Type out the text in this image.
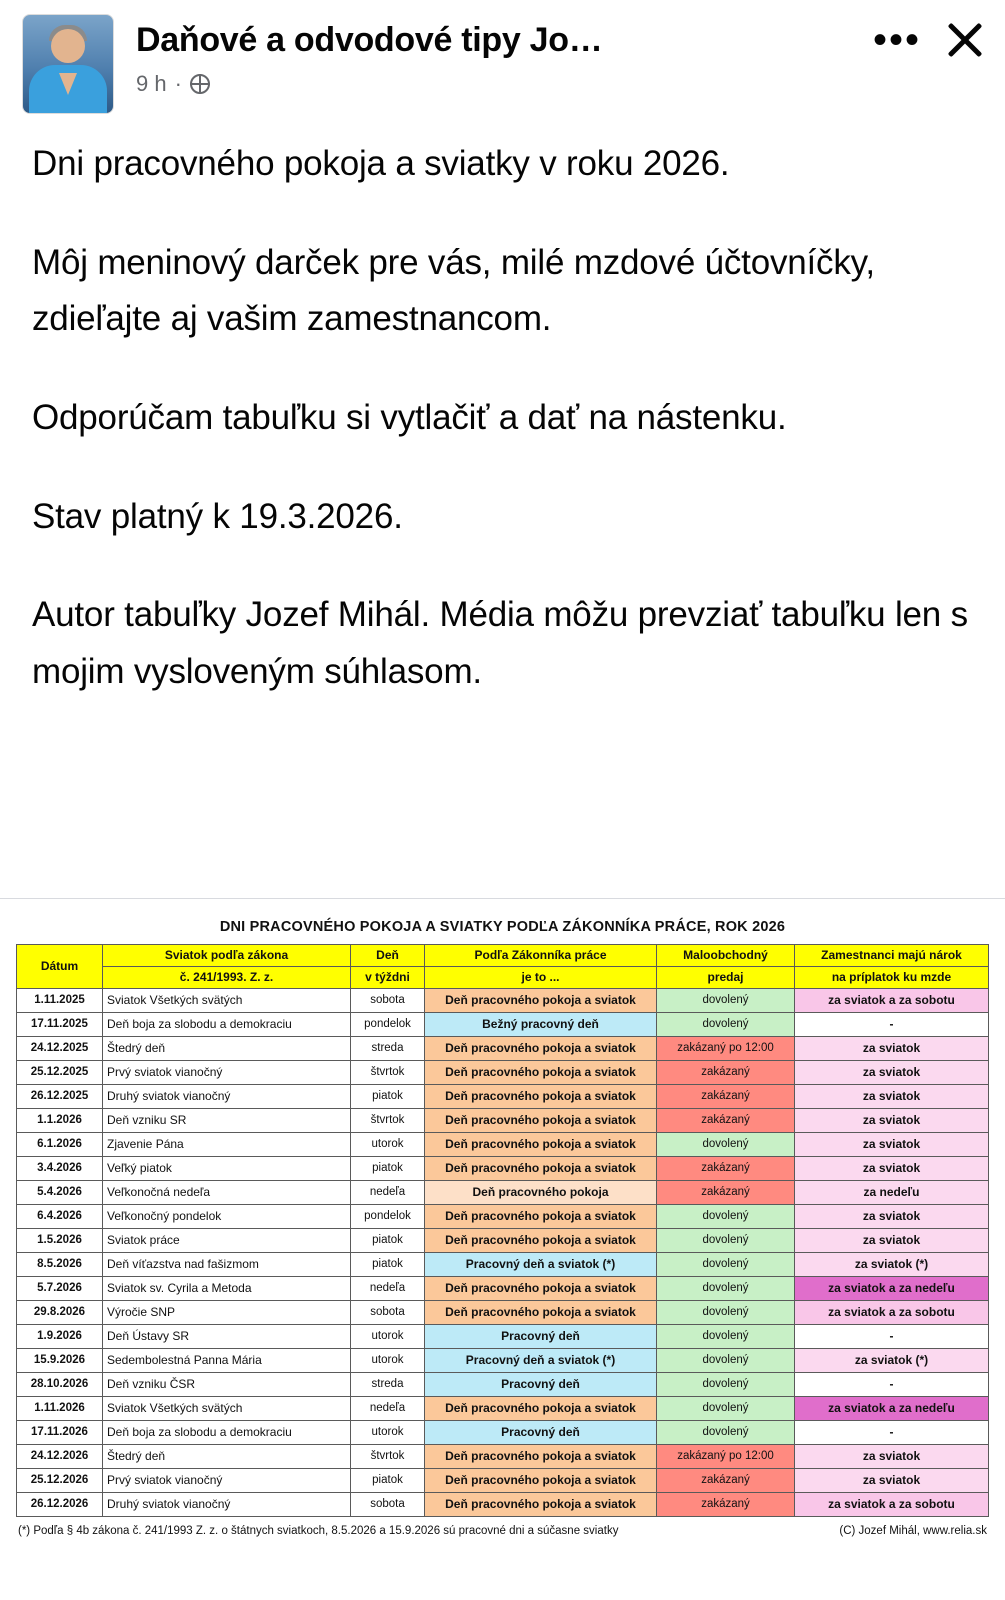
Daňové a odvodové tipy Jo…
9 h ·
•••

Dni pracovného pokoja a sviatky v roku 2026.

Môj meninový darček pre vás, milé mzdové účtovníčky, zdieľajte aj vašim zamestnancom.

Odporúčam tabuľku si vytlačiť a dať na nástenku.

Stav platný k 19.3.2026.

Autor tabuľky Jozef Mihál. Média môžu prevziať tabuľku len s mojim vysloveným súhlasom.

DNI PRACOVNÉHO POKOJA A SVIATKY PODĽA ZÁKONNÍKA PRÁCE, ROK 2026
Dátum	Sviatok podľa zákona	Deň	Podľa Zákonníka práce	Maloobchodný	Zamestnanci majú nárok
	č. 241/1993. Z. z.	v týždni	je to ...	predaj	na príplatok ku mzde
1.11.2025	Sviatok Všetkých svätých	sobota	Deň pracovného pokoja a sviatok	dovolený	za sviatok a za sobotu
17.11.2025	Deň boja za slobodu a demokraciu	pondelok	Bežný pracovný deň	dovolený	-
24.12.2025	Štedrý deň	streda	Deň pracovného pokoja a sviatok	zakázaný po 12:00	za sviatok
25.12.2025	Prvý sviatok vianočný	štvrtok	Deň pracovného pokoja a sviatok	zakázaný	za sviatok
26.12.2025	Druhý sviatok vianočný	piatok	Deň pracovného pokoja a sviatok	zakázaný	za sviatok
1.1.2026	Deň vzniku SR	štvrtok	Deň pracovného pokoja a sviatok	zakázaný	za sviatok
6.1.2026	Zjavenie Pána	utorok	Deň pracovného pokoja a sviatok	dovolený	za sviatok
3.4.2026	Veľký piatok	piatok	Deň pracovného pokoja a sviatok	zakázaný	za sviatok
5.4.2026	Veľkonočná nedeľa	nedeľa	Deň pracovného pokoja	zakázaný	za nedeľu
6.4.2026	Veľkonočný pondelok	pondelok	Deň pracovného pokoja a sviatok	dovolený	za sviatok
1.5.2026	Sviatok práce	piatok	Deň pracovného pokoja a sviatok	dovolený	za sviatok
8.5.2026	Deň víťazstva nad fašizmom	piatok	Pracovný deň a sviatok (*)	dovolený	za sviatok (*)
5.7.2026	Sviatok sv. Cyrila a Metoda	nedeľa	Deň pracovného pokoja a sviatok	dovolený	za sviatok a za nedeľu
29.8.2026	Výročie SNP	sobota	Deň pracovného pokoja a sviatok	dovolený	za sviatok a za sobotu
1.9.2026	Deň Ústavy SR	utorok	Pracovný deň	dovolený	-
15.9.2026	Sedembolestná Panna Mária	utorok	Pracovný deň a sviatok (*)	dovolený	za sviatok (*)
28.10.2026	Deň vzniku ČSR	streda	Pracovný deň	dovolený	-
1.11.2026	Sviatok Všetkých svätých	nedeľa	Deň pracovného pokoja a sviatok	dovolený	za sviatok a za nedeľu
17.11.2026	Deň boja za slobodu a demokraciu	utorok	Pracovný deň	dovolený	-
24.12.2026	Štedrý deň	štvrtok	Deň pracovného pokoja a sviatok	zakázaný po 12:00	za sviatok
25.12.2026	Prvý sviatok vianočný	piatok	Deň pracovného pokoja a sviatok	zakázaný	za sviatok
26.12.2026	Druhý sviatok vianočný	sobota	Deň pracovného pokoja a sviatok	zakázaný	za sviatok a za sobotu
(*) Podľa § 4b zákona č. 241/1993 Z. z. o štátnych sviatkoch, 8.5.2026 a 15.9.2026 sú pracovné dni a súčasne sviatky	(C) Jozef Mihál, www.relia.sk
